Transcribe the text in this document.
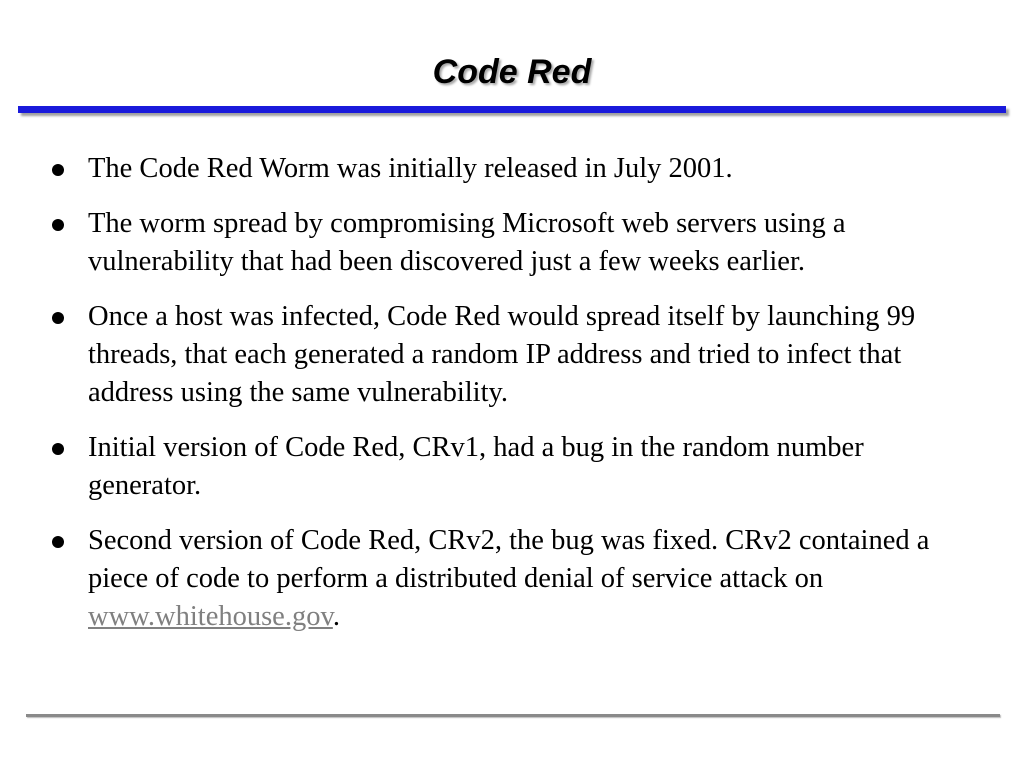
Code Red
The Code Red Worm was initially released in July 2001.
The worm spread by compromising Microsoft web servers using a vulnerability that had been discovered just a few weeks earlier.
Once a host was infected, Code Red would spread itself by launching 99 threads, that each generated a random IP address and tried to infect that address using the same vulnerability.
Initial version of Code Red, CRv1, had a bug in the random number generator.
Second version of Code Red, CRv2, the bug was fixed. CRv2 contained a piece of code to perform a distributed denial of service attack on www.whitehouse.gov.
